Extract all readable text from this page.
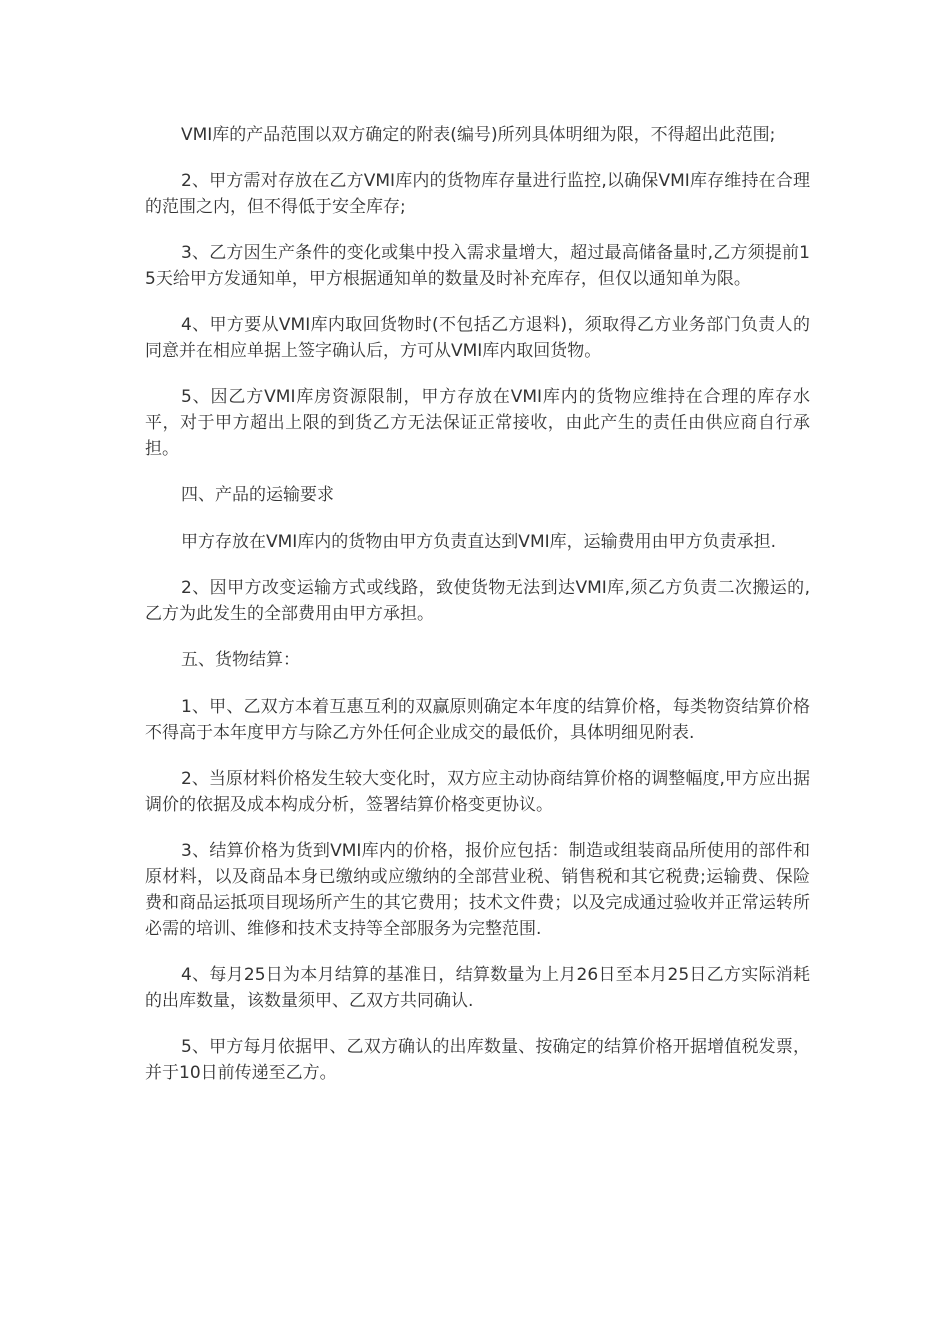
VMI库的产品范围以双方确定的附表(编号)所列具体明细为限，不得超出此范围;

2、甲方需对存放在乙方VMI库内的货物库存量进行监控,以确保VMI库存维持在合理的范围之内，但不得低于安全库存;

3、乙方因生产条件的变化或集中投入需求量增大，超过最高储备量时,乙方须提前15天给甲方发通知单，甲方根据通知单的数量及时补充库存，但仅以通知单为限。

4、甲方要从VMI库内取回货物时(不包括乙方退料)，须取得乙方业务部门负责人的同意并在相应单据上签字确认后，方可从VMI库内取回货物。

5、因乙方VMI库房资源限制，甲方存放在VMI库内的货物应维持在合理的库存水平，对于甲方超出上限的到货乙方无法保证正常接收，由此产生的责任由供应商自行承担。

四、产品的运输要求

甲方存放在VMI库内的货物由甲方负责直达到VMI库，运输费用由甲方负责承担.

2、因甲方改变运输方式或线路，致使货物无法到达VMI库,须乙方负责二次搬运的,乙方为此发生的全部费用由甲方承担。

五、货物结算：

1、甲、乙双方本着互惠互利的双赢原则确定本年度的结算价格，每类物资结算价格不得高于本年度甲方与除乙方外任何企业成交的最低价，具体明细见附表.

2、当原材料价格发生较大变化时，双方应主动协商结算价格的调整幅度,甲方应出据调价的依据及成本构成分析，签署结算价格变更协议。

3、结算价格为货到VMI库内的价格，报价应包括：制造或组装商品所使用的部件和原材料，以及商品本身已缴纳或应缴纳的全部营业税、销售税和其它税费;运输费、保险费和商品运抵项目现场所产生的其它费用；技术文件费；以及完成通过验收并正常运转所必需的培训、维修和技术支持等全部服务为完整范围.

4、每月25日为本月结算的基准日，结算数量为上月26日至本月25日乙方实际消耗的出库数量，该数量须甲、乙双方共同确认.

5、甲方每月依据甲、乙双方确认的出库数量、按确定的结算价格开据增值税发票，并于10日前传递至乙方。
